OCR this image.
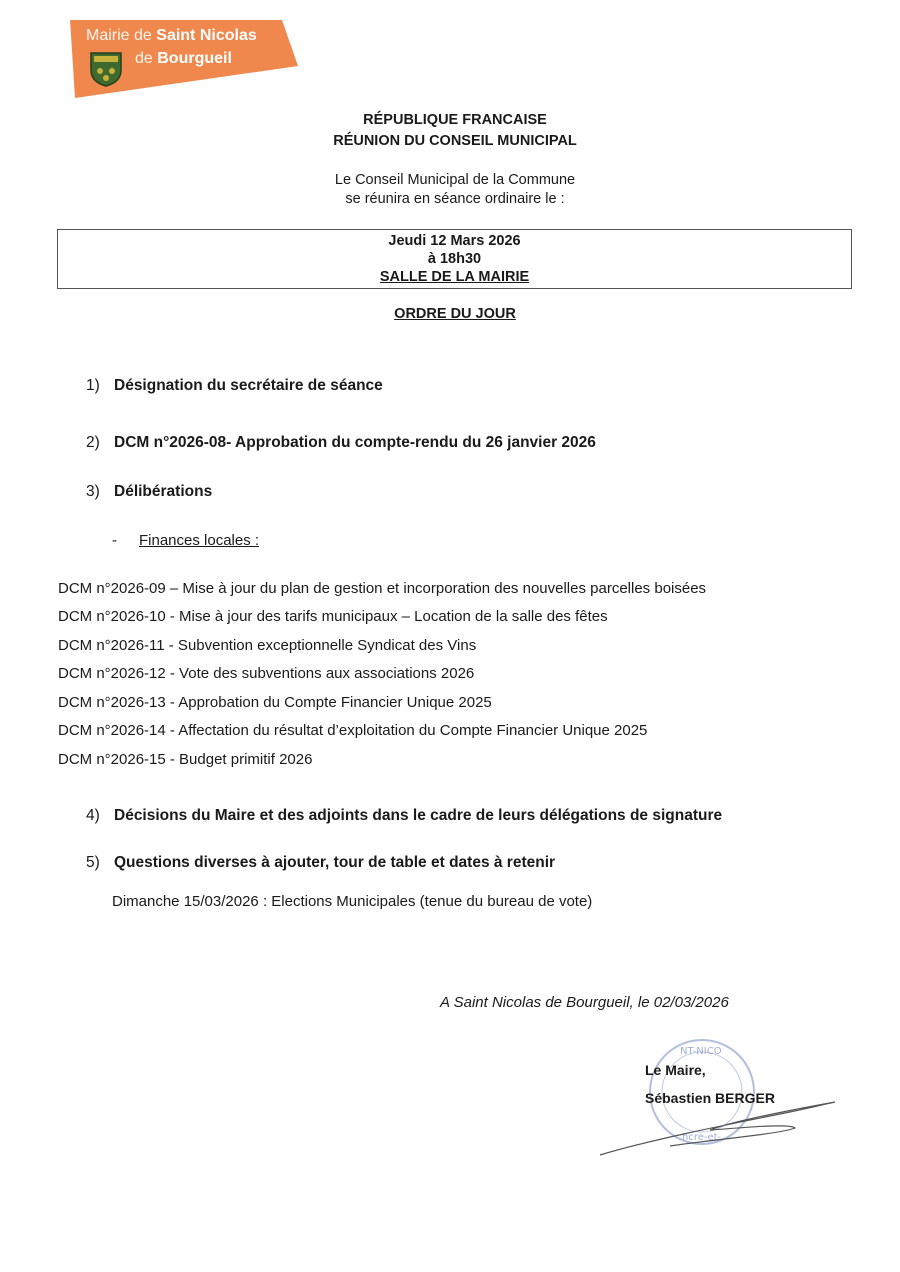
Mairie de Saint Nicolas
de Bourgueil
RÉPUBLIQUE FRANCAISE
RÉUNION DU CONSEIL MUNICIPAL
Le Conseil Municipal de la Commune
se réunira en séance ordinaire le :
Jeudi 12 Mars 2026
à 18h30
SALLE DE LA MAIRIE
ORDRE DU JOUR
1) Désignation du secrétaire de séance
2) DCM n°2026-08- Approbation du compte-rendu du 26 janvier 2026
3) Délibérations
- Finances locales :
DCM n°2026-09 – Mise à jour du plan de gestion et incorporation des nouvelles parcelles boisées
DCM n°2026-10 - Mise à jour des tarifs municipaux – Location de la salle des fêtes
DCM n°2026-11 - Subvention exceptionnelle Syndicat des Vins
DCM n°2026-12 - Vote des subventions aux associations 2026
DCM n°2026-13 - Approbation du Compte Financier Unique 2025
DCM n°2026-14 - Affectation du résultat d’exploitation du Compte Financier Unique 2025
DCM n°2026-15 - Budget primitif 2026
4) Décisions du Maire et des adjoints dans le cadre de leurs délégations de signature
5) Questions diverses à ajouter, tour de table et dates à retenir
Dimanche 15/03/2026 : Elections Municipales (tenue du bureau de vote)
A Saint Nicolas de Bourgueil, le 02/03/2026
NT-NICO
ncre-et-
Le Maire,
Sébastien BERGER
